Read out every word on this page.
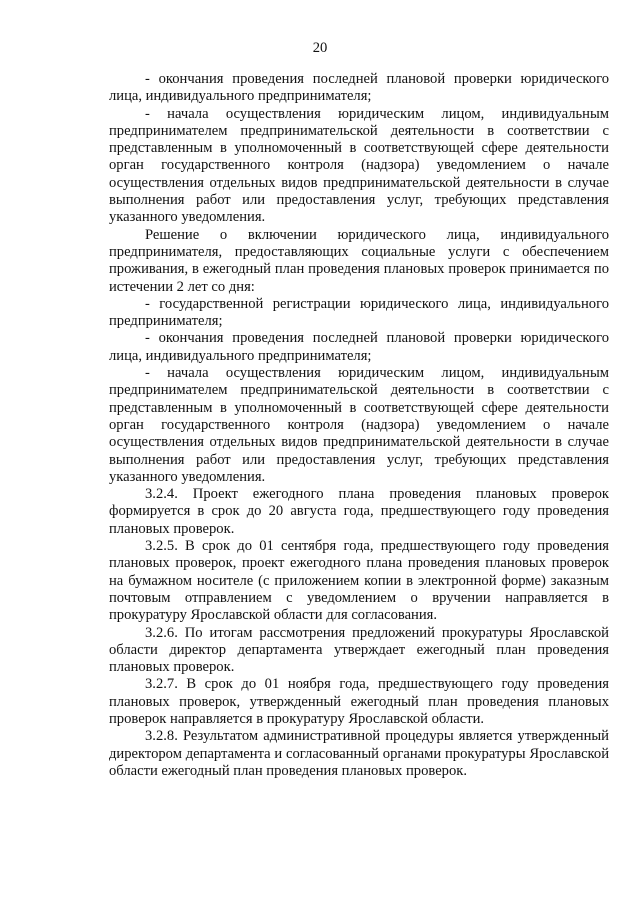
20

- окончания проведения последней плановой проверки юридического лица, индивидуального предпринимателя;

- начала осуществления юридическим лицом, индивидуальным предпринимателем предпринимательской деятельности в соответствии с представленным в уполномоченный в соответствующей сфере деятельности орган государственного контроля (надзора) уведомлением о начале осуществления отдельных видов предпринимательской деятельности в случае выполнения работ или предоставления услуг, требующих представления указанного уведомления.

Решение о включении юридического лица, индивидуального предпринимателя, предоставляющих социальные услуги с обеспечением проживания, в ежегодный план проведения плановых проверок принимается по истечении 2 лет со дня:

- государственной регистрации юридического лица, индивидуального предпринимателя;

- окончания проведения последней плановой проверки юридического лица, индивидуального предпринимателя;

- начала осуществления юридическим лицом, индивидуальным предпринимателем предпринимательской деятельности в соответствии с представленным в уполномоченный в соответствующей сфере деятельности орган государственного контроля (надзора) уведомлением о начале осуществления отдельных видов предпринимательской деятельности в случае выполнения работ или предоставления услуг, требующих представления указанного уведомления.

3.2.4. Проект ежегодного плана проведения плановых проверок формируется в срок до 20 августа года, предшествующего году проведения плановых проверок.

3.2.5. В срок до 01 сентября года, предшествующего году проведения плановых проверок, проект ежегодного плана проведения плановых проверок на бумажном носителе (с приложением копии в электронной форме) заказным почтовым отправлением с уведомлением о вручении направляется в прокуратуру Ярославской области для согласования.

3.2.6. По итогам рассмотрения предложений прокуратуры Ярославской области директор департамента утверждает ежегодный план проведения плановых проверок.

3.2.7. В срок до 01 ноября года, предшествующего году проведения плановых проверок, утвержденный ежегодный план проведения плановых проверок направляется в прокуратуру Ярославской области.

3.2.8. Результатом административной процедуры является утвержденный директором департамента и согласованный органами прокуратуры Ярославской области ежегодный план проведения плановых проверок.
